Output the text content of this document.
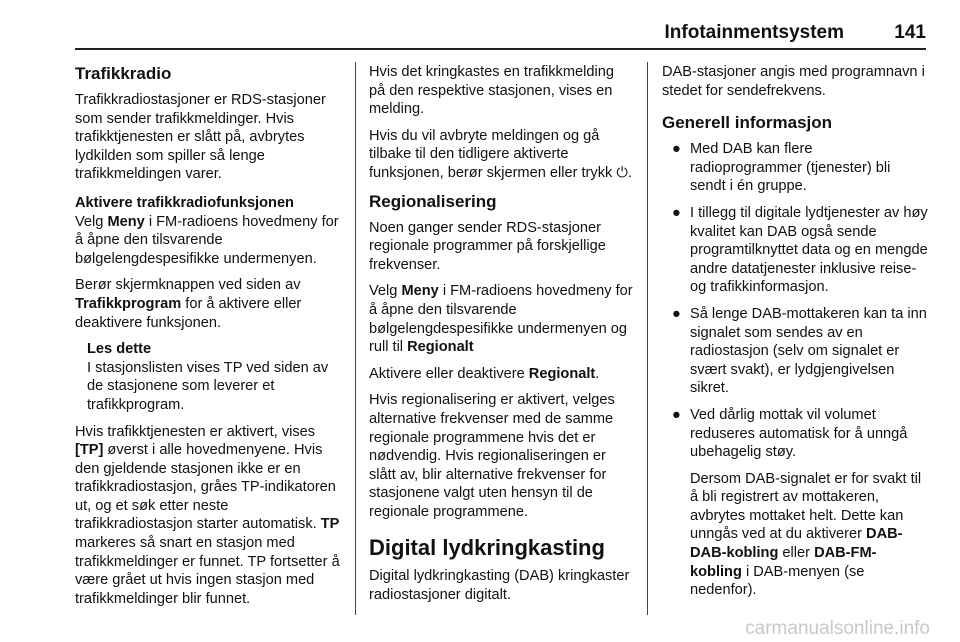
Infotainmentsystem	141
Trafikkradio

Trafikkradiostasjoner er RDS-stasjoner som sender trafikkmeldinger. Hvis trafikktjenesten er slått på, avbrytes lydkilden som spiller så lenge trafikkmeldingen varer.

Aktivere trafikkradiofunksjonen

Velg Meny i FM-radioens hovedmeny for å åpne den tilsvarende bølgelengdespesifikke undermenyen.

Berør skjermknappen ved siden av Trafikkprogram for å aktivere eller deaktivere funksjonen.

Les dette
I stasjonslisten vises TP ved siden av de stasjonene som leverer et trafikkprogram.

Hvis trafikktjenesten er aktivert, vises [TP] øverst i alle hovedmenyene. Hvis den gjeldende stasjonen ikke er en trafikkradiostasjon, gråes TP-indikatoren ut, og et søk etter neste trafikkradiostasjon starter automatisk. TP markeres så snart en stasjon med trafikkmeldinger er funnet. TP fortsetter å være grået ut hvis ingen stasjon med trafikkmeldinger blir funnet.

Hvis det kringkastes en trafikkmelding på den respektive stasjonen, vises en melding.

Hvis du vil avbryte meldingen og gå tilbake til den tidligere aktiverte funksjonen, berør skjermen eller trykk ⏻.

Regionalisering

Noen ganger sender RDS-stasjoner regionale programmer på forskjellige frekvenser.

Velg Meny i FM-radioens hovedmeny for å åpne den tilsvarende bølgelengdespesifikke undermenyen og rull til Regionalt

Aktivere eller deaktivere Regionalt.

Hvis regionalisering er aktivert, velges alternative frekvenser med de samme regionale programmene hvis det er nødvendig. Hvis regionaliseringen er slått av, blir alternative frekvenser for stasjonene valgt uten hensyn til de regionale programmene.

Digital lydkringkasting

Digital lydkringkasting (DAB) kringkaster radiostasjoner digitalt.

DAB-stasjoner angis med programnavn i stedet for sendefrekvens.

Generell informasjon
● Med DAB kan flere radioprogrammer (tjenester) bli sendt i én gruppe.
● I tillegg til digitale lydtjenester av høy kvalitet kan DAB også sende programtilknyttet data og en mengde andre datatjenester inklusive reise- og trafikkinformasjon.
● Så lenge DAB-mottakeren kan ta inn signalet som sendes av en radiostasjon (selv om signalet er svært svakt), er lydgjengivelsen sikret.
● Ved dårlig mottak vil volumet reduseres automatisk for å unngå ubehagelig støy.

Dersom DAB-signalet er for svakt til å bli registrert av mottakeren, avbrytes mottaket helt. Dette kan unngås ved at du aktiverer DAB-DAB-kobling eller DAB-FM-kobling i DAB-menyen (se nedenfor).

carmanualsonline.info
